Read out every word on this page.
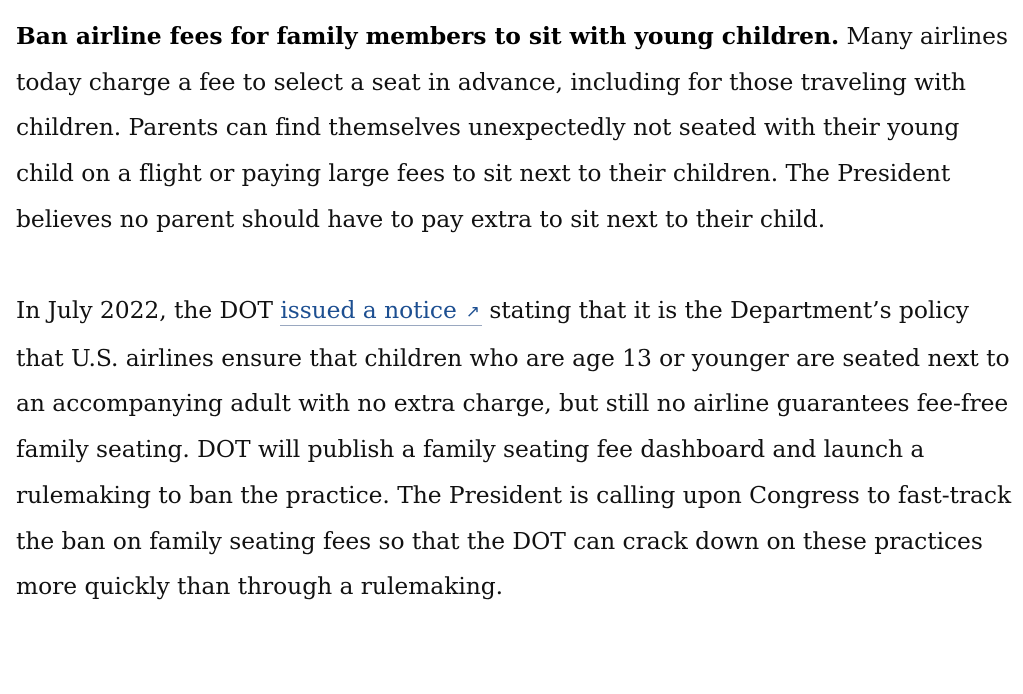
Ban airline fees for family members to sit with young children. Many airlines today charge a fee to select a seat in advance, including for those traveling with children. Parents can find themselves unexpectedly not seated with their young child on a flight or paying large fees to sit next to their children. The President believes no parent should have to pay extra to sit next to their child.

In July 2022, the DOT issued a notice ↗ stating that it is the Department’s policy that U.S. airlines ensure that children who are age 13 or younger are seated next to an accompanying adult with no extra charge, but still no airline guarantees fee-free family seating. DOT will publish a family seating fee dashboard and launch a rulemaking to ban the practice. The President is calling upon Congress to fast-track the ban on family seating fees so that the DOT can crack down on these practices more quickly than through a rulemaking.
